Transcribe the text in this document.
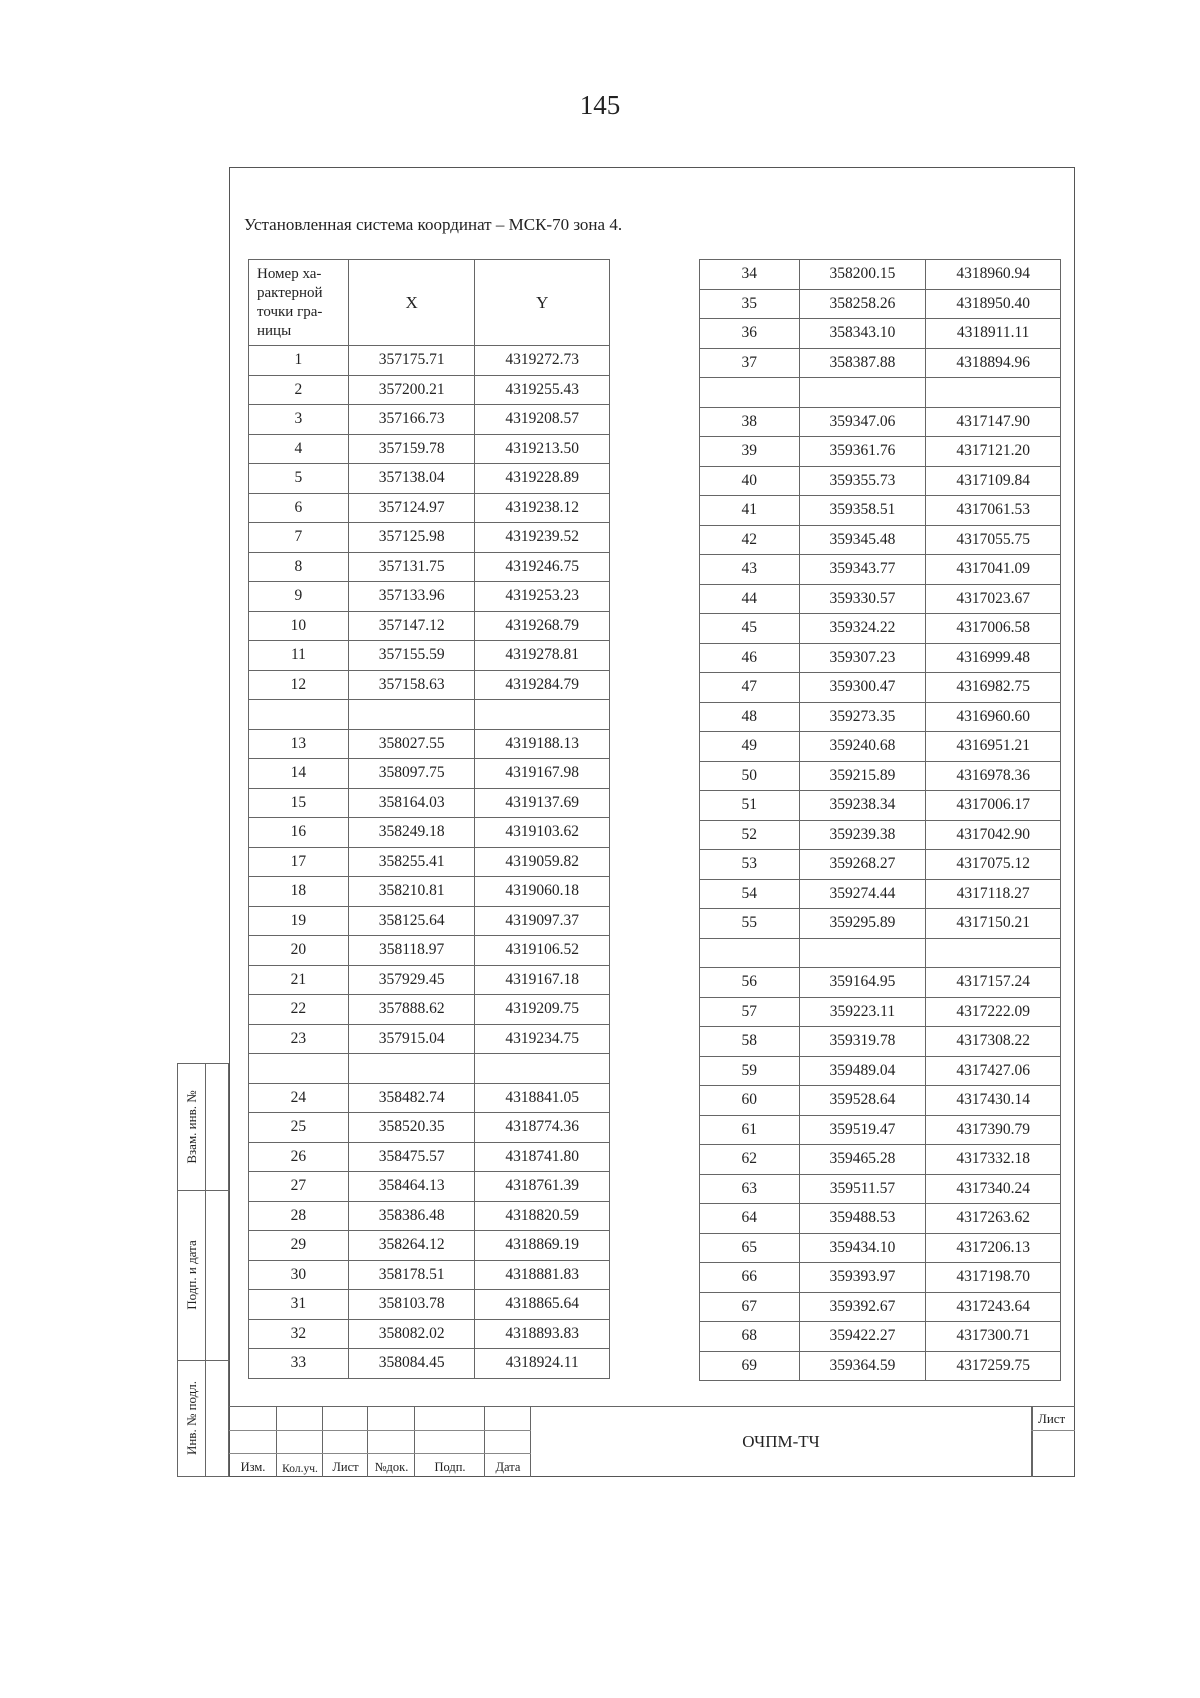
145
Установленная система координат – МСК-70 зона 4.
Номер ха-рактерной точки гра-ницы	X	Y
1	357175.71	4319272.73
2	357200.21	4319255.43
3	357166.73	4319208.57
4	357159.78	4319213.50
5	357138.04	4319228.89
6	357124.97	4319238.12
7	357125.98	4319239.52
8	357131.75	4319246.75
9	357133.96	4319253.23
10	357147.12	4319268.79
11	357155.59	4319278.81
12	357158.63	4319284.79

13	358027.55	4319188.13
14	358097.75	4319167.98
15	358164.03	4319137.69
16	358249.18	4319103.62
17	358255.41	4319059.82
18	358210.81	4319060.18
19	358125.64	4319097.37
20	358118.97	4319106.52
21	357929.45	4319167.18
22	357888.62	4319209.75
23	357915.04	4319234.75

24	358482.74	4318841.05
25	358520.35	4318774.36
26	358475.57	4318741.80
27	358464.13	4318761.39
28	358386.48	4318820.59
29	358264.12	4318869.19
30	358178.51	4318881.83
31	358103.78	4318865.64
32	358082.02	4318893.83
33	358084.45	4318924.11
34	358200.15	4318960.94
35	358258.26	4318950.40
36	358343.10	4318911.11
37	358387.88	4318894.96

38	359347.06	4317147.90
39	359361.76	4317121.20
40	359355.73	4317109.84
41	359358.51	4317061.53
42	359345.48	4317055.75
43	359343.77	4317041.09
44	359330.57	4317023.67
45	359324.22	4317006.58
46	359307.23	4316999.48
47	359300.47	4316982.75
48	359273.35	4316960.60
49	359240.68	4316951.21
50	359215.89	4316978.36
51	359238.34	4317006.17
52	359239.38	4317042.90
53	359268.27	4317075.12
54	359274.44	4317118.27
55	359295.89	4317150.21

56	359164.95	4317157.24
57	359223.11	4317222.09
58	359319.78	4317308.22
59	359489.04	4317427.06
60	359528.64	4317430.14
61	359519.47	4317390.79
62	359465.28	4317332.18
63	359511.57	4317340.24
64	359488.53	4317263.62
65	359434.10	4317206.13
66	359393.97	4317198.70
67	359392.67	4317243.64
68	359422.27	4317300.71
69	359364.59	4317259.75
Взам. инв. №
Подп. и дата
Инв. № подл.
Изм.	Кол.уч.	Лист	№док.	Подп.	Дата
ОЧПМ-ТЧ
Лист
